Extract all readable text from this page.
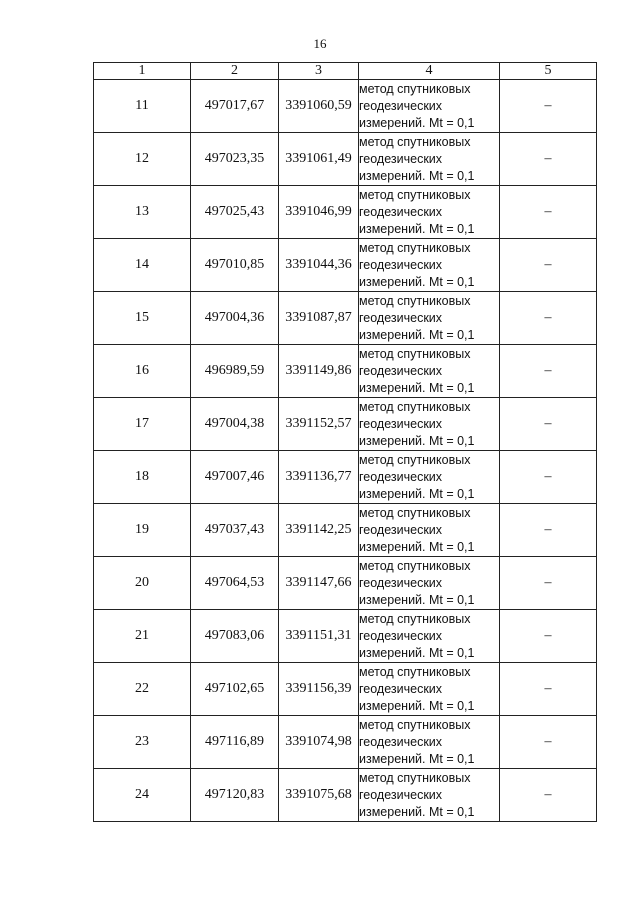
16
1	2	3	4	5
11	497017,67	3391060,59	метод спутниковых
геодезических
измерений. Mt = 0,1	–
12	497023,35	3391061,49	метод спутниковых
геодезических
измерений. Mt = 0,1	–
13	497025,43	3391046,99	метод спутниковых
геодезических
измерений. Mt = 0,1	–
14	497010,85	3391044,36	метод спутниковых
геодезических
измерений. Mt = 0,1	–
15	497004,36	3391087,87	метод спутниковых
геодезических
измерений. Mt = 0,1	–
16	496989,59	3391149,86	метод спутниковых
геодезических
измерений. Mt = 0,1	–
17	497004,38	3391152,57	метод спутниковых
геодезических
измерений. Mt = 0,1	–
18	497007,46	3391136,77	метод спутниковых
геодезических
измерений. Mt = 0,1	–
19	497037,43	3391142,25	метод спутниковых
геодезических
измерений. Mt = 0,1	–
20	497064,53	3391147,66	метод спутниковых
геодезических
измерений. Mt = 0,1	–
21	497083,06	3391151,31	метод спутниковых
геодезических
измерений. Mt = 0,1	–
22	497102,65	3391156,39	метод спутниковых
геодезических
измерений. Mt = 0,1	–
23	497116,89	3391074,98	метод спутниковых
геодезических
измерений. Mt = 0,1	–
24	497120,83	3391075,68	метод спутниковых
геодезических
измерений. Mt = 0,1	–
